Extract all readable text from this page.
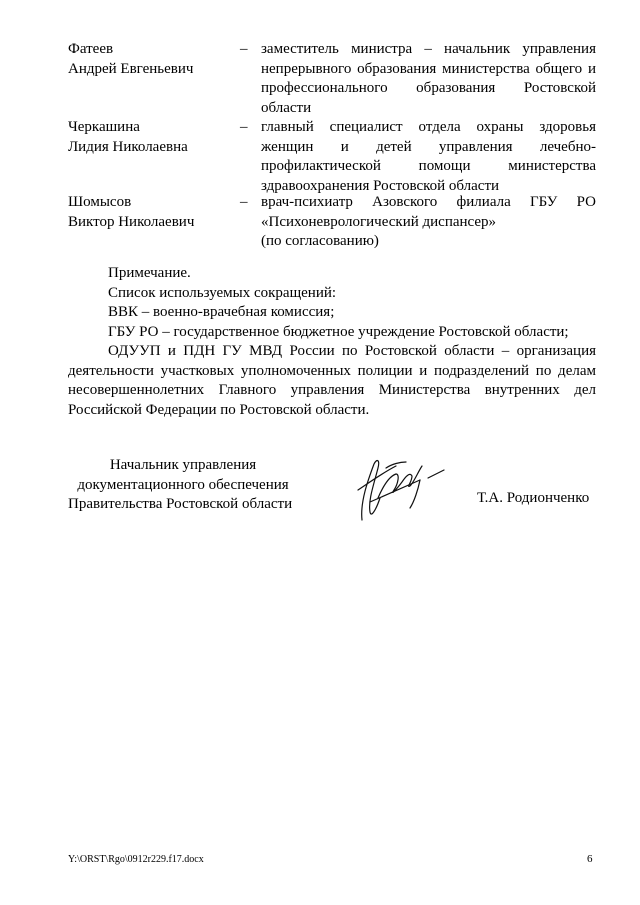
Фатеев
Андрей Евгеньевич
– заместитель министра – начальник управления
непрерывного образования министерства общего и
профессионального образования Ростовской
области
Черкашина
Лидия Николаевна
– главный специалист отдела охраны здоровья
женщин и детей управления лечебно-
профилактической помощи министерства
здравоохранения Ростовской области
Шомысов
Виктор Николаевич
– врач-психиатр Азовского филиала ГБУ РО
«Психоневрологический диспансер»
(по согласованию)
Примечание.
Список используемых сокращений:
ВВК – военно-врачебная комиссия;
ГБУ РО – государственное бюджетное учреждение Ростовской области;
ОДУУП и ПДН ГУ МВД России по Ростовской области – организация
деятельности участковых уполномоченных полиции и подразделений по делам
несовершеннолетних Главного управления Министерства внутренних дел
Российской Федерации по Ростовской области.
Начальник управления
документационного обеспечения
Правительства Ростовской области	Т.А. Родионченко
Y:\ORST\Rgo\0912r229.f17.docx	6
